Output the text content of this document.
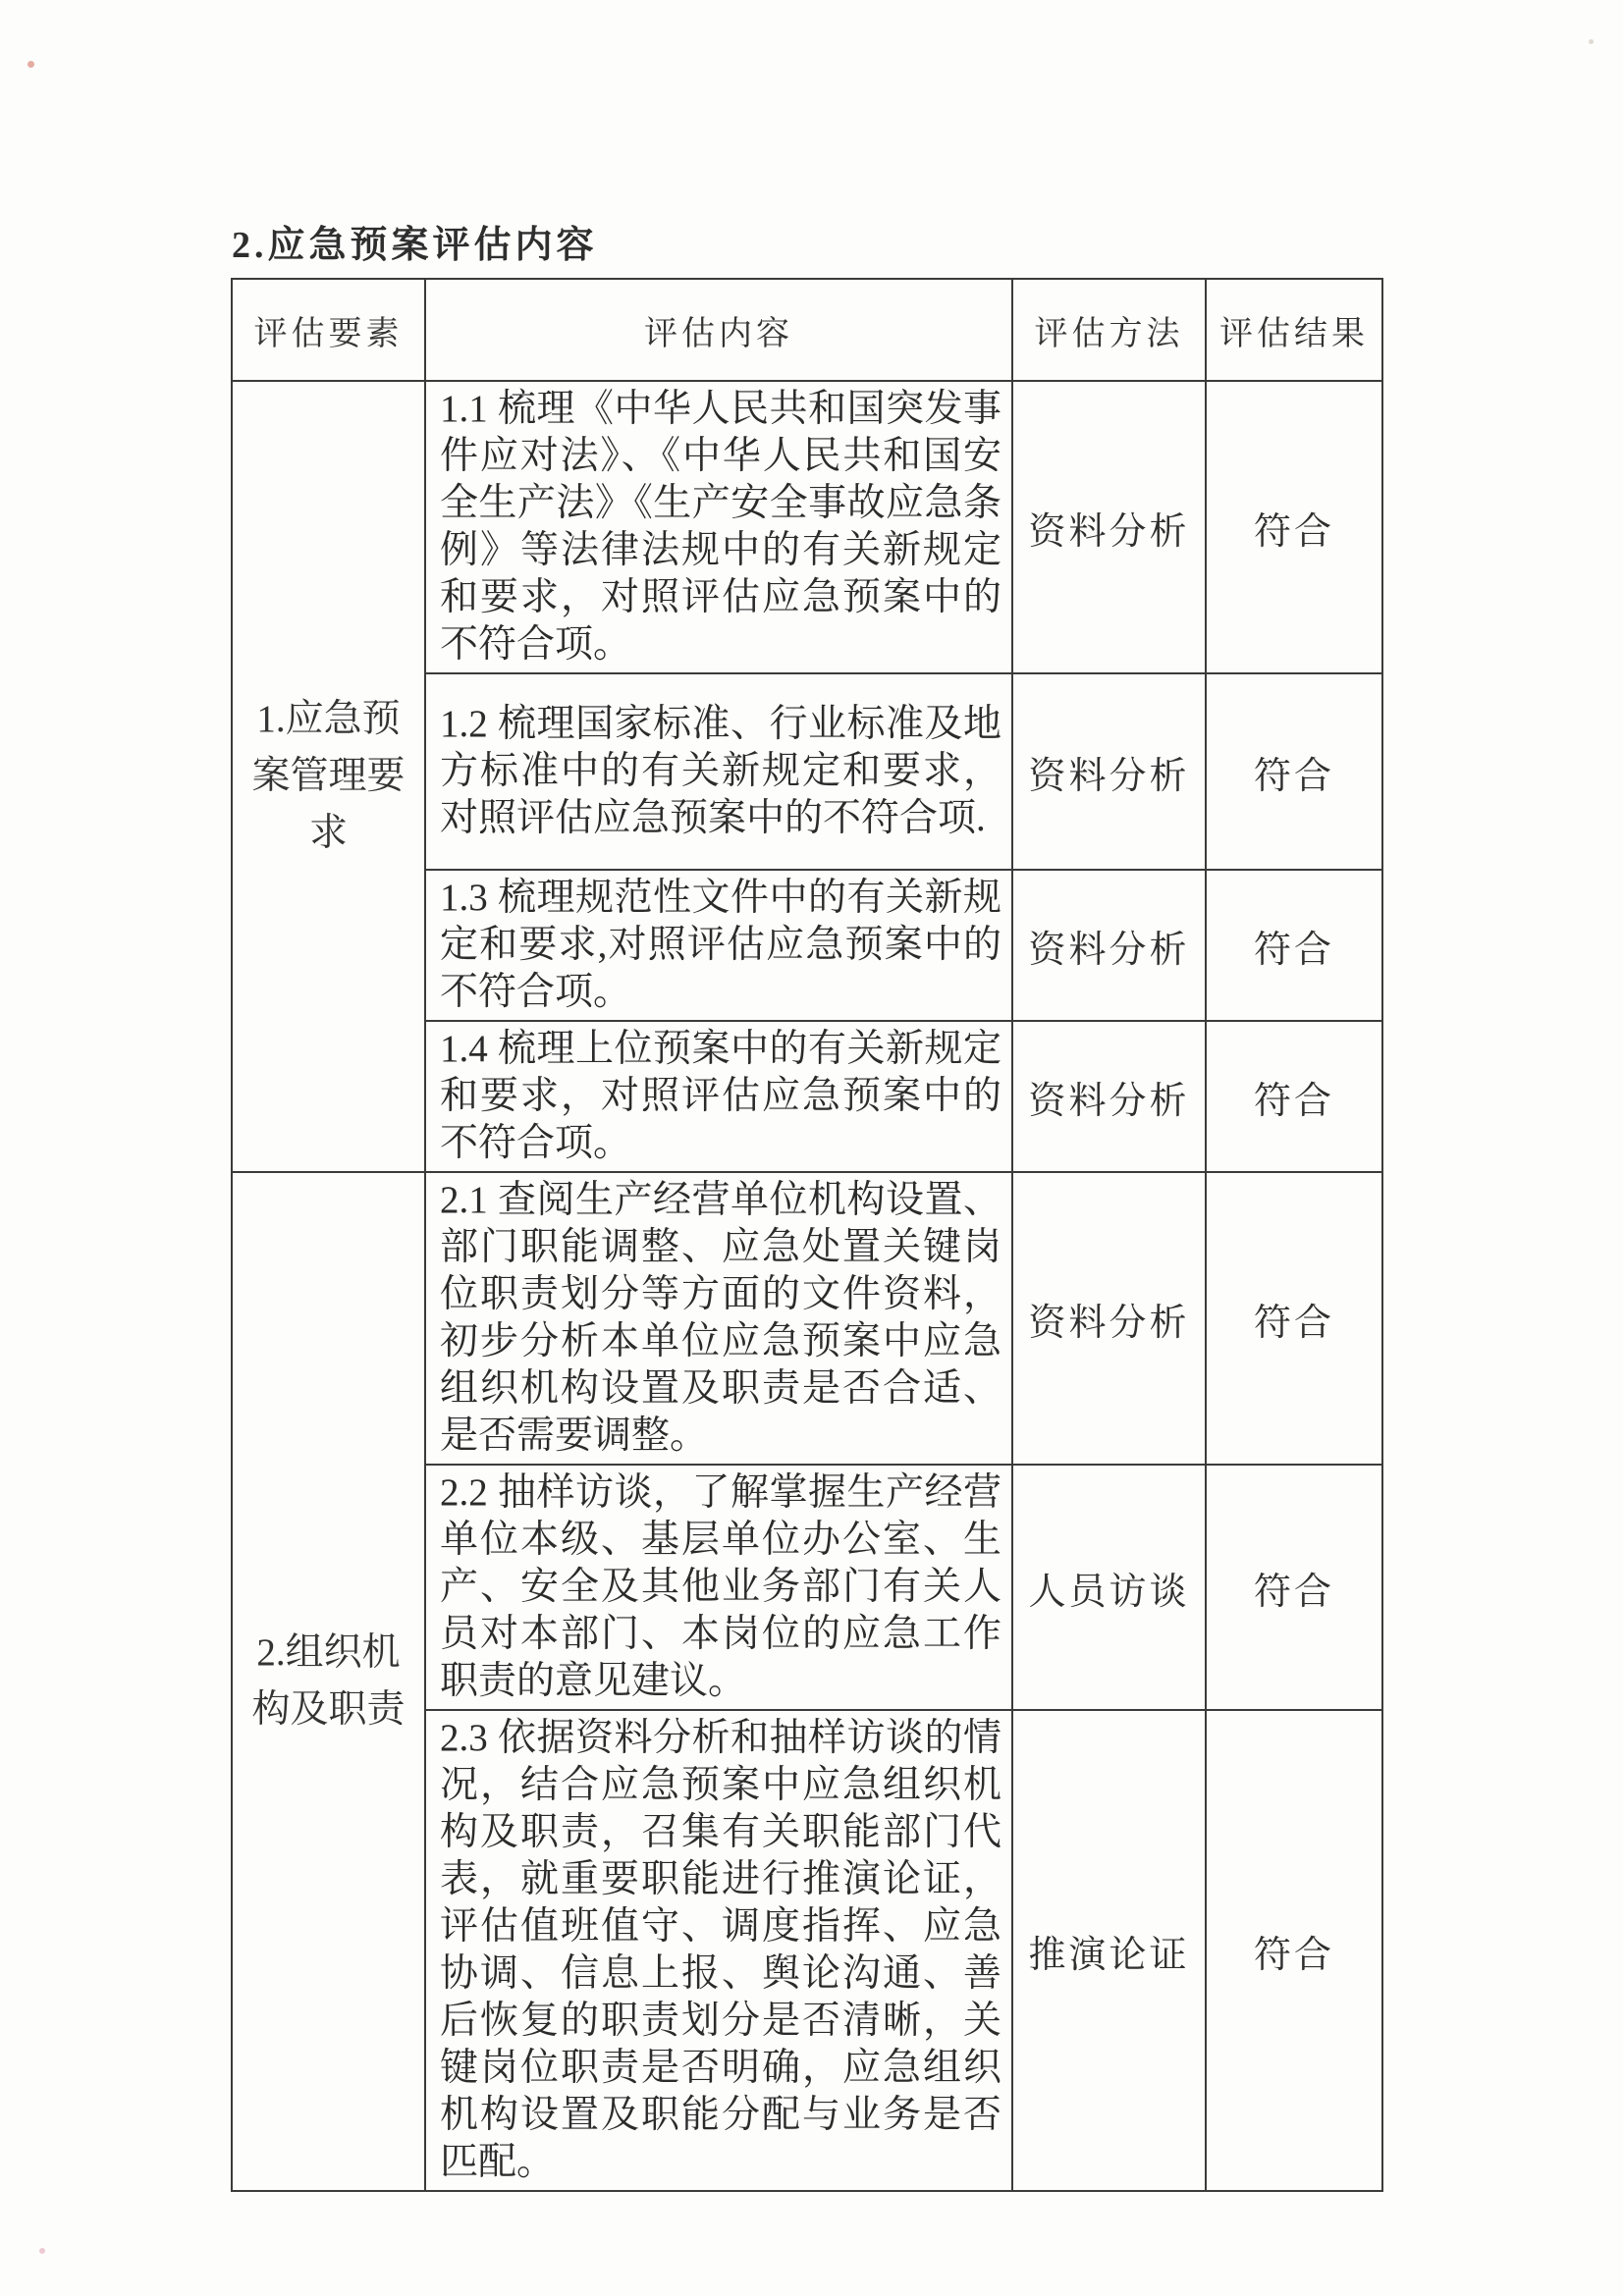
2.应急预案评估内容
评估要素	评估内容	评估方法	评估结果

1.应急预案管理要求	1.1 梳理《中华人民共和国突发事件应对法》、《中华人民共和国安全生产法》《生产安全事故应急条例》等法律法规中的有关新规定和要求，对照评估应急预案中的不符合项。	资料分析	符合
	1.2 梳理国家标准、行业标准及地方标准中的有关新规定和要求，对照评估应急预案中的不符合项.	资料分析	符合
	1.3 梳理规范性文件中的有关新规定和要求,对照评估应急预案中的不符合项。	资料分析	符合
	1.4 梳理上位预案中的有关新规定和要求，对照评估应急预案中的不符合项。	资料分析	符合

2.组织机构及职责	2.1 查阅生产经营单位机构设置、部门职能调整、应急处置关键岗位职责划分等方面的文件资料，初步分析本单位应急预案中应急组织机构设置及职责是否合适、是否需要调整。	资料分析	符合
	2.2 抽样访谈，了解掌握生产经营单位本级、基层单位办公室、生产、安全及其他业务部门有关人员对本部门、本岗位的应急工作职责的意见建议。	人员访谈	符合
	2.3 依据资料分析和抽样访谈的情况，结合应急预案中应急组织机构及职责，召集有关职能部门代表，就重要职能进行推演论证，评估值班值守、调度指挥、应急协调、信息上报、舆论沟通、善后恢复的职责划分是否清晰，关键岗位职责是否明确，应急组织机构设置及职能分配与业务是否匹配。	推演论证	符合
